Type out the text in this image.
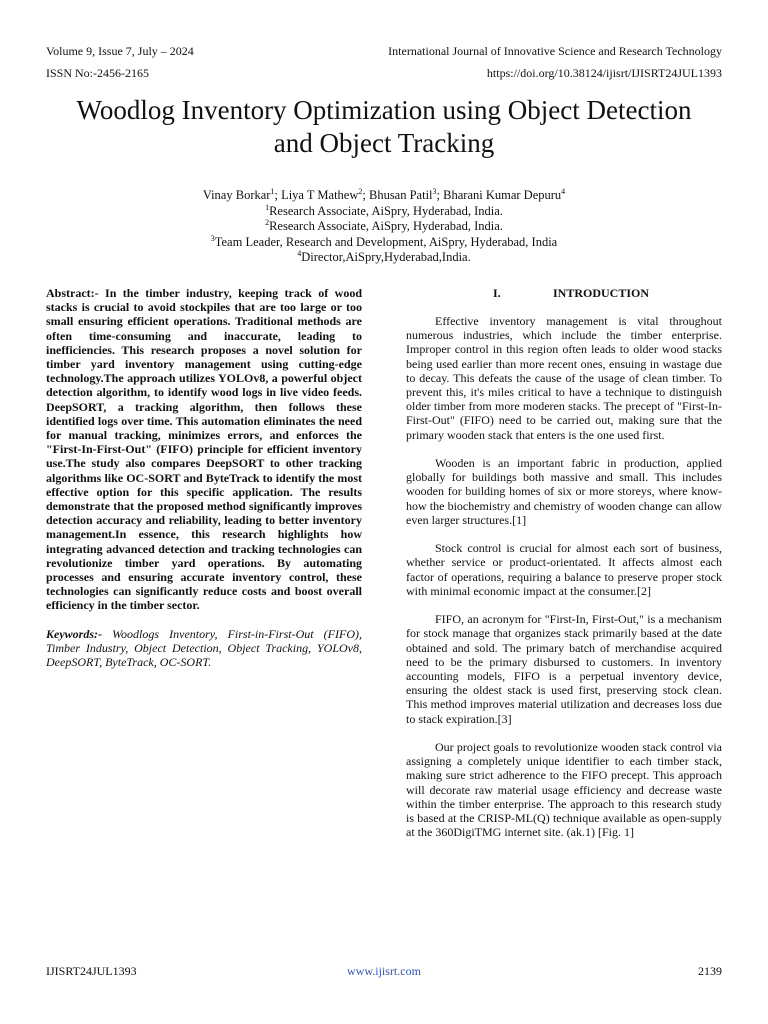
Volume 9, Issue 7, July – 2024	International Journal of Innovative Science and Research Technology
ISSN No:-2456-2165	https://doi.org/10.38124/ijisrt/IJISRT24JUL1393
Woodlog Inventory Optimization using Object Detection and Object Tracking
Vinay Borkar$^1$; Liya T Mathew$^2$; Bhusan Patil$^3$; Bharani Kumar Depuru$^4$
$^1$Research Associate, AiSpry, Hyderabad, India.
$^2$Research Associate, AiSpry, Hyderabad, India.
$^3$Team Leader, Research and Development, AiSpry, Hyderabad, India
$^4$Director,AiSpry,Hyderabad,India.

Abstract:- In the timber industry, keeping track of wood stacks is crucial to avoid stockpiles that are too large or too small ensuring efficient operations. Traditional methods are often time-consuming and inaccurate, leading to inefficiencies. This research proposes a novel solution for timber yard inventory management using cutting-edge technology.The approach utilizes YOLOv8, a powerful object detection algorithm, to identify wood logs in live video feeds. DeepSORT, a tracking algorithm, then follows these identified logs over time. This automation eliminates the need for manual tracking, minimizes errors, and enforces the "First-In-First-Out" (FIFO) principle for efficient inventory use.The study also compares DeepSORT to other tracking algorithms like OC-SORT and ByteTrack to identify the most effective option for this specific application. The results demonstrate that the proposed method significantly improves detection accuracy and reliability, leading to better inventory management.In essence, this research highlights how integrating advanced detection and tracking technologies can revolutionize timber yard operations. By automating processes and ensuring accurate inventory control, these technologies can significantly reduce costs and boost overall efficiency in the timber sector.

Keywords:- Woodlogs Inventory, First-in-First-Out (FIFO), Timber Industry, Object Detection, Object Tracking, YOLOv8, DeepSORT, ByteTrack, OC-SORT.

I.	INTRODUCTION

Effective inventory management is vital throughout numerous industries, which include the timber enterprise. Improper control in this region often leads to older wood stacks being used earlier than more recent ones, ensuing in wastage due to decay. This defeats the cause of the usage of clean timber. To prevent this, it's miles critical to have a technique to distinguish older timber from more moderen stacks. The precept of "First-In-First-Out" (FIFO) need to be carried out, making sure that the primary wooden stack that enters is the one used first.

Wooden is an important fabric in production, applied globally for buildings both massive and small. This includes wooden for building homes of six or more storeys, where know-how the biochemistry and chemistry of wooden change can allow even larger structures.[1]

Stock control is crucial for almost each sort of business, whether service or product-orientated. It affects almost each factor of operations, requiring a balance to preserve proper stock with minimal economic impact at the consumer.[2]

FIFO, an acronym for "First-In, First-Out," is a mechanism for stock manage that organizes stack primarily based at the date obtained and sold. The primary batch of merchandise acquired need to be the primary disbursed to customers. In inventory accounting models, FIFO is a perpetual inventory device, ensuring the oldest stack is used first, preserving stock clean. This method improves material utilization and decreases loss due to stack expiration.[3]

Our project goals to revolutionize wooden stack control via assigning a completely unique identifier to each timber stack, making sure strict adherence to the FIFO precept. This approach will decorate raw material usage efficiency and decrease waste within the timber enterprise. The approach to this research study is based at the CRISP-ML(Q) technique available as open-supply at the 360DigiTMG internet site. (ak.1) [Fig. 1]

IJISRT24JUL1393	www.ijisrt.com	2139
